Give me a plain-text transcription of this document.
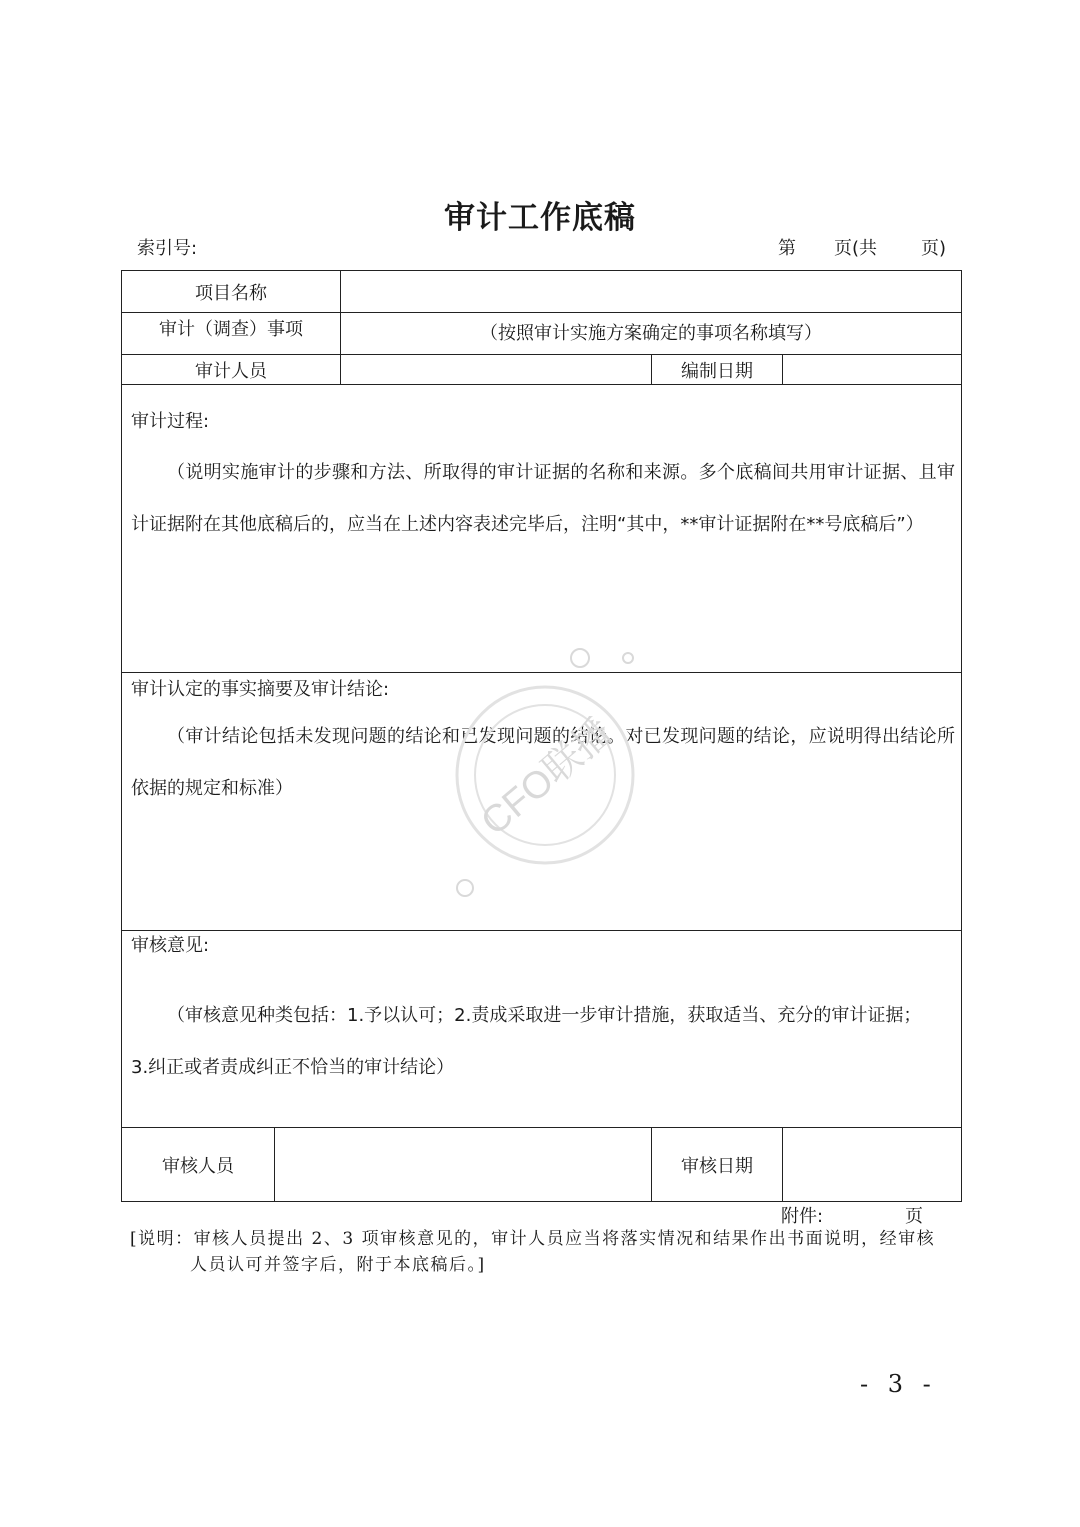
审计工作底稿
索引号:	第 页(共 页)
项目名称				
审计（调查）事项		（按照审计实施方案确定的事项名称填写）		
审计人员			编制日期	

审计过程:
（说明实施审计的步骤和方法、所取得的审计证据的名称和来源。多个底稿间共用审计证据、且审计证据附在其他底稿后的，应当在上述内容表述完毕后，注明“其中，**审计证据附在**号底稿后”）				

审计认定的事实摘要及审计结论:
（审计结论包括未发现问题的结论和已发现问题的结论。对已发现问题的结论，应说明得出结论所依据的规定和标准）				

审核意见:
（审核意见种类包括：1.予以认可；2.责成采取进一步审计措施，获取适当、充分的审计证据；
3.纠正或者责成纠正不恰当的审计结论）				

审核人员			审核日期	
附件:	页
[说明：审核人员提出 2、3 项审核意见的，审计人员应当将落实情况和结果作出书面说明，经审核
人员认可并签字后，附于本底稿后。]
- 3 -
CFO联播
